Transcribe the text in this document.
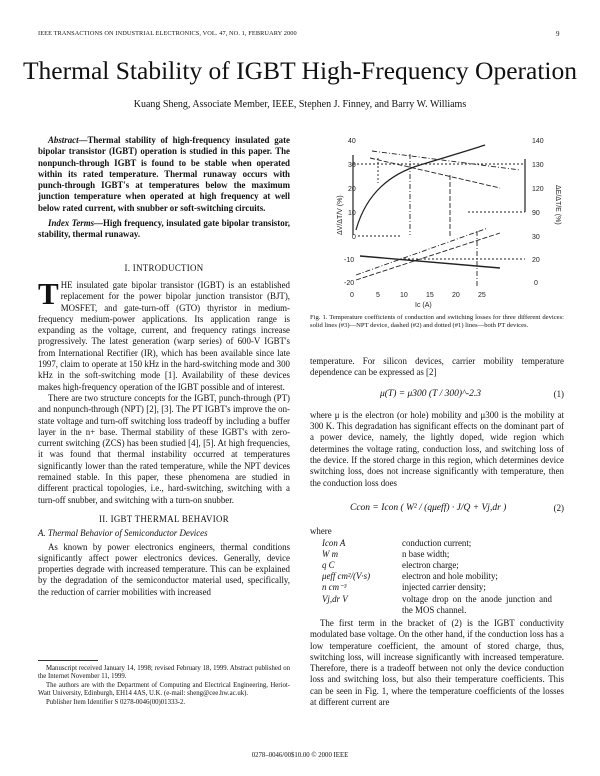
IEEE TRANSACTIONS ON INDUSTRIAL ELECTRONICS, VOL. 47, NO. 1, FEBRUARY 2000	9
Thermal Stability of IGBT High-Frequency Operation
Kuang Sheng, Associate Member, IEEE, Stephen J. Finney, and Barry W. Williams

Abstract—Thermal stability of high-frequency insulated gate bipolar transistor (IGBT) operation is studied in this paper. The nonpunch-through IGBT is found to be stable when operated within its rated temperature. Thermal runaway occurs with punch-through IGBT's at temperatures below the maximum junction temperature when operated at high frequency at well below rated current, with snubber or soft-switching circuits.

Index Terms—High frequency, insulated gate bipolar transistor, stability, thermal runaway.

I. INTRODUCTION

THE insulated gate bipolar transistor (IGBT) is an established replacement for the power bipolar junction transistor (BJT), MOSFET, and gate-turn-off (GTO) thyristor in medium-frequency medium-power applications. Its application range is expanding as the voltage, current, and frequency ratings increase progressively. The latest generation (warp series) of 600-V IGBT's from International Rectifier (IR), which has been available since late 1997, claim to operate at 150 kHz in the hard-switching mode and 300 kHz in the soft-switching mode [1]. Availability of these devices makes high-frequency operation of the IGBT possible and of interest.

There are two structure concepts for the IGBT, punch-through (PT) and nonpunch-through (NPT) [2], [3]. The PT IGBT's improve the on-state voltage and turn-off switching loss tradeoff by including a buffer layer in the n+ base. Thermal stability of these IGBT's with zero-current switching (ZCS) has been studied [4], [5]. At high frequencies, it was found that thermal instability occurred at temperatures significantly lower than the rated temperature, while the NPT devices remained stable. In this paper, these phenomena are studied in different practical topologies, i.e., hard-switching, switching with a turn-off snubber, and switching with a turn-on snubber.

II. IGBT THERMAL BEHAVIOR
A. Thermal Behavior of Semiconductor Devices

As known by power electronics engineers, thermal conditions significantly affect power electronics devices. Generally, device properties degrade with increased temperature. This can be explained by the degradation of the semiconductor material used, specifically, the reduction of carrier mobilities with increased

Manuscript received January 14, 1998; revised February 18, 1999. Abstract published on the Internet November 11, 1999.
The authors are with the Department of Computing and Electrical Engineering, Heriot-Watt University, Edinburgh, EH14 4AS, U.K. (e-mail: sheng@cee.hw.ac.uk).
Publisher Item Identifier S 0278-0046(00)01333-2.
40
30
20
10
0
-10
-20
140
130
120
90
30
20
0
0	5	10	15	20	25
Ic (A)
ΔV/ΔT/V (%)	ΔE/ΔT/E (%)
Fig. 1. Temperature coefficients of conduction and switching losses for three different devices: solid lines (#3)—NPT device, dashed (#2) and dotted (#1) lines—both PT devices.

temperature. For silicon devices, carrier mobility temperature dependence can be expressed as [2]

μ(T) = μ300 (T / 300)^-2.3	(1)

where μ is the electron (or hole) mobility and μ300 is the mobility at 300 K. This degradation has significant effects on the dominant part of a power device, namely, the lightly doped, wide region which determines the voltage rating, conduction loss, and switching loss of the device. If the stored charge in this region, which determines device switching loss, does not increase significantly with temperature, then the conduction loss does

Ccon = Icon ( W² / (qμeff) · J/Q + Vj,dr )	(2)
where
Icon A	conduction current;
W m	n base width;
q C	electron charge;
μeff cm²/(V·s)	electron and hole mobility;
n cm⁻³	injected carrier density;
Vj,dr V	voltage drop on the anode junction and the MOS channel.

The first term in the bracket of (2) is the IGBT conductivity modulated base voltage. On the other hand, if the conduction loss has a low temperature coefficient, the amount of stored charge, thus, switching loss, will increase significantly with increased temperature. Therefore, there is a tradeoff between not only the device conduction loss and switching loss, but also their temperature coefficients. This can be seen in Fig. 1, where the temperature coefficients of the losses at different current are

0278–0046/00$10.00 © 2000 IEEE
